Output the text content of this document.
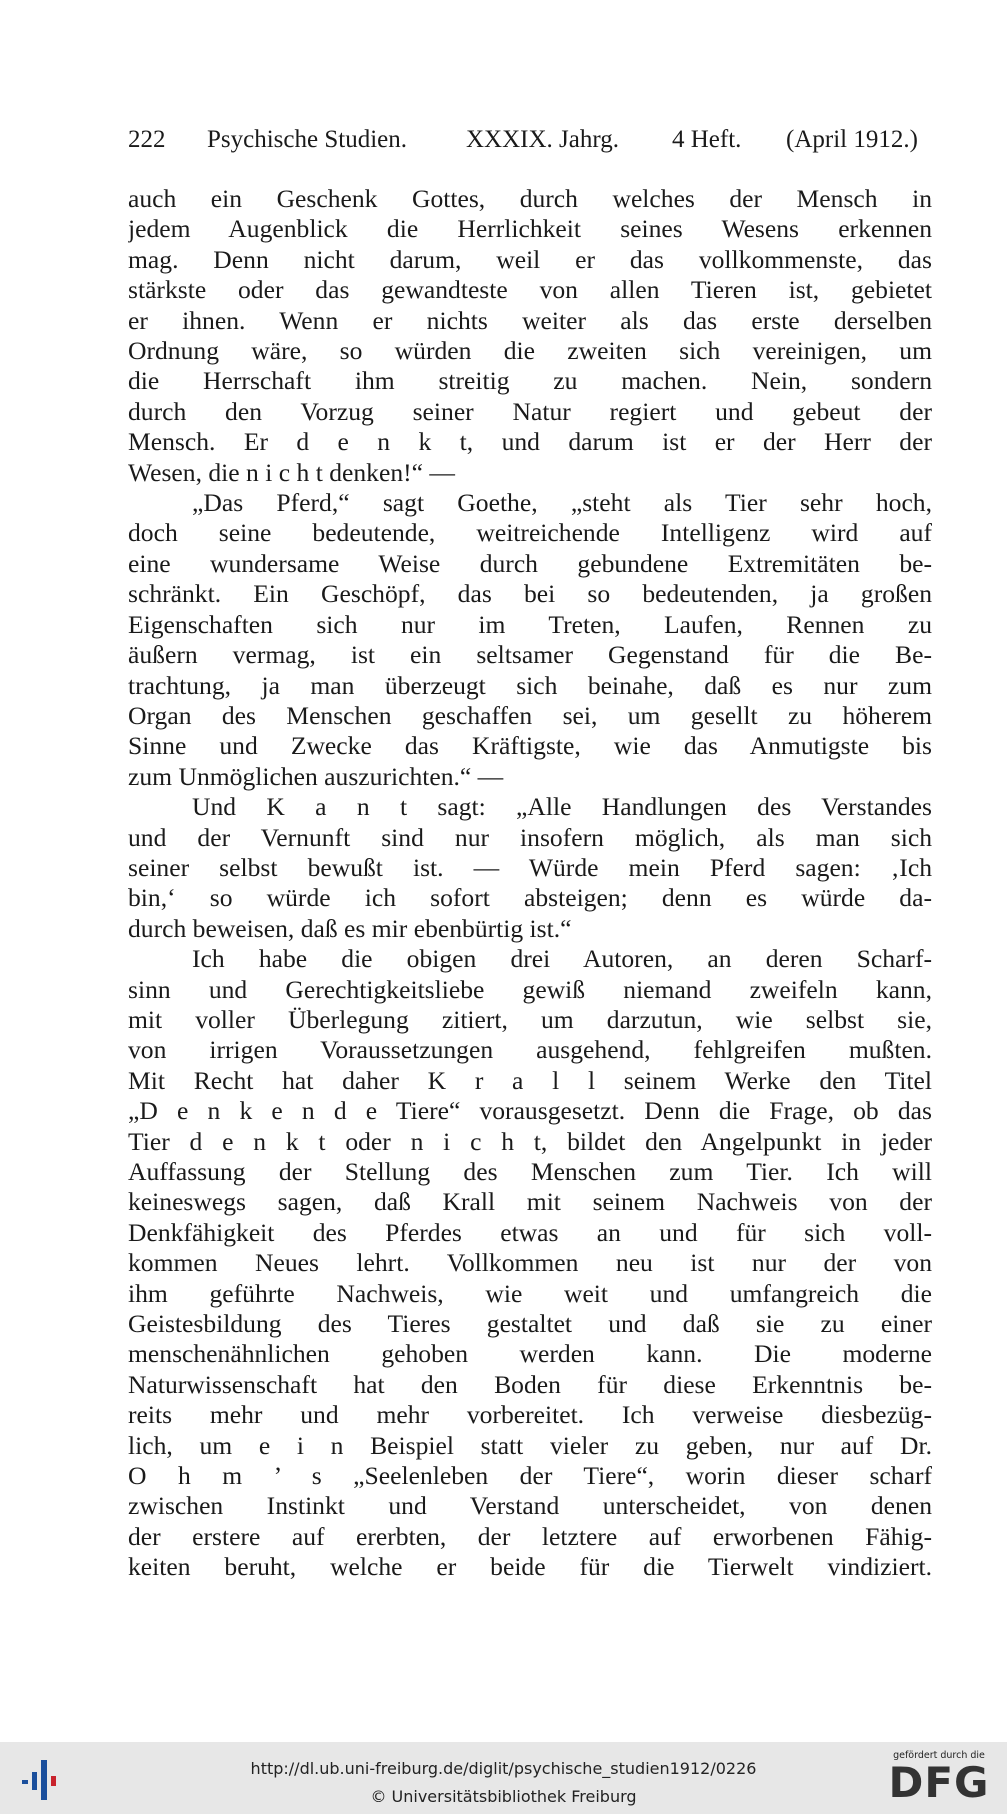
222 Psychische Studien. XXXIX. Jahrg. 4 Heft. (April 1912.)
auch ein Geschenk Gottes, durch welches der Mensch in
jedem Augenblick die Herrlichkeit seines Wesens erkennen
mag. Denn nicht darum, weil er das vollkommenste, das
stärkste oder das gewandteste von allen Tieren ist, gebietet
er ihnen. Wenn er nichts weiter als das erste derselben
Ordnung wäre, so würden die zweiten sich vereinigen, um
die Herrschaft ihm streitig zu machen. Nein, sondern
durch den Vorzug seiner Natur regiert und gebeut der
Mensch. Er d e n k t, und darum ist er der Herr der
Wesen, die n i c h t denken!“ —
„Das Pferd,“ sagt Goethe, „steht als Tier sehr hoch,
doch seine bedeutende, weitreichende Intelligenz wird auf
eine wundersame Weise durch gebundene Extremitäten be-
schränkt. Ein Geschöpf, das bei so bedeutenden, ja großen
Eigenschaften sich nur im Treten, Laufen, Rennen zu
äußern vermag, ist ein seltsamer Gegenstand für die Be-
trachtung, ja man überzeugt sich beinahe, daß es nur zum
Organ des Menschen geschaffen sei, um gesellt zu höherem
Sinne und Zwecke das Kräftigste, wie das Anmutigste bis
zum Unmöglichen auszurichten.“ —
Und K a n t sagt: „Alle Handlungen des Verstandes
und der Vernunft sind nur insofern möglich, als man sich
seiner selbst bewußt ist. — Würde mein Pferd sagen: ‚Ich
bin,‘ so würde ich sofort absteigen; denn es würde da-
durch beweisen, daß es mir ebenbürtig ist.“
Ich habe die obigen drei Autoren, an deren Scharf-
sinn und Gerechtigkeitsliebe gewiß niemand zweifeln kann,
mit voller Überlegung zitiert, um darzutun, wie selbst sie,
von irrigen Voraussetzungen ausgehend, fehlgreifen mußten.
Mit Recht hat daher K r a l l seinem Werke den Titel
„D e n k e n d e Tiere“ vorausgesetzt. Denn die Frage, ob das
Tier d e n k t oder n i c h t, bildet den Angelpunkt in jeder
Auffassung der Stellung des Menschen zum Tier. Ich will
keineswegs sagen, daß Krall mit seinem Nachweis von der
Denkfähigkeit des Pferdes etwas an und für sich voll-
kommen Neues lehrt. Vollkommen neu ist nur der von
ihm geführte Nachweis, wie weit und umfangreich die
Geistesbildung des Tieres gestaltet und daß sie zu einer
menschenähnlichen gehoben werden kann. Die moderne
Naturwissenschaft hat den Boden für diese Erkenntnis be-
reits mehr und mehr vorbereitet. Ich verweise diesbezüg-
lich, um e i n Beispiel statt vieler zu geben, nur auf Dr.
O h m ’ s „Seelenleben der Tiere“, worin dieser scharf
zwischen Instinkt und Verstand unterscheidet, von denen
der erstere auf ererbten, der letztere auf erworbenen Fähig-
keiten beruht, welche er beide für die Tierwelt vindiziert.
http://dl.ub.uni-freiburg.de/diglit/psychische_studien1912/0226
© Universitätsbibliothek Freiburg
gefördert durch die
DFG
